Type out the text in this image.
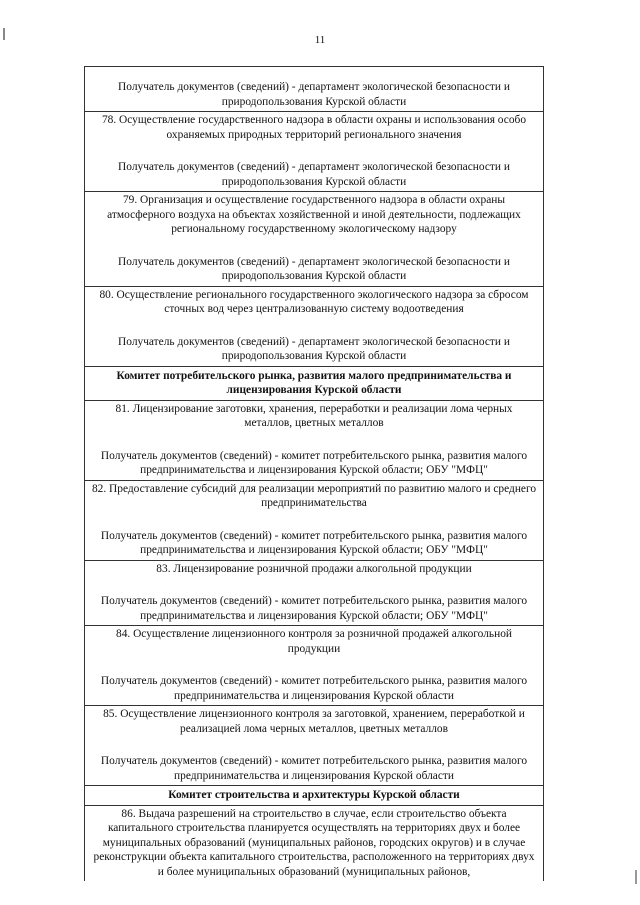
11
Получатель документов (сведений) - департамент экологической безопасности и природопользования Курской области

78. Осуществление государственного надзора в области охраны и использования особо охраняемых природных территорий регионального значения
Получатель документов (сведений) - департамент экологической безопасности и природопользования Курской области

79. Организация и осуществление государственного надзора в области охраны атмосферного воздуха на объектах хозяйственной и иной деятельности, подлежащих региональному государственному экологическому надзору
Получатель документов (сведений) - департамент экологической безопасности и природопользования Курской области

80. Осуществление регионального государственного экологического надзора за сбросом сточных вод через централизованную систему водоотведения
Получатель документов (сведений) - департамент экологической безопасности и природопользования Курской области

Комитет потребительского рынка, развития малого предпринимательства и лицензирования Курской области

81. Лицензирование заготовки, хранения, переработки и реализации лома черных металлов, цветных металлов
Получатель документов (сведений) - комитет потребительского рынка, развития малого предпринимательства и лицензирования Курской области; ОБУ "МФЦ"

82. Предоставление субсидий для реализации мероприятий по развитию малого и среднего предпринимательства
Получатель документов (сведений) - комитет потребительского рынка, развития малого предпринимательства и лицензирования Курской области; ОБУ "МФЦ"

83. Лицензирование розничной продажи алкогольной продукции
Получатель документов (сведений) - комитет потребительского рынка, развития малого предпринимательства и лицензирования Курской области; ОБУ "МФЦ"

84. Осуществление лицензионного контроля за розничной продажей алкогольной продукции
Получатель документов (сведений) - комитет потребительского рынка, развития малого предпринимательства и лицензирования Курской области

85. Осуществление лицензионного контроля за заготовкой, хранением, переработкой и реализацией лома черных металлов, цветных металлов
Получатель документов (сведений) - комитет потребительского рынка, развития малого предпринимательства и лицензирования Курской области

Комитет строительства и архитектуры Курской области

86. Выдача разрешений на строительство в случае, если строительство объекта капитального строительства планируется осуществлять на территориях двух и более муниципальных образований (муниципальных районов, городских округов) и в случае реконструкции объекта капитального строительства, расположенного на территориях двух и более муниципальных образований (муниципальных районов,
